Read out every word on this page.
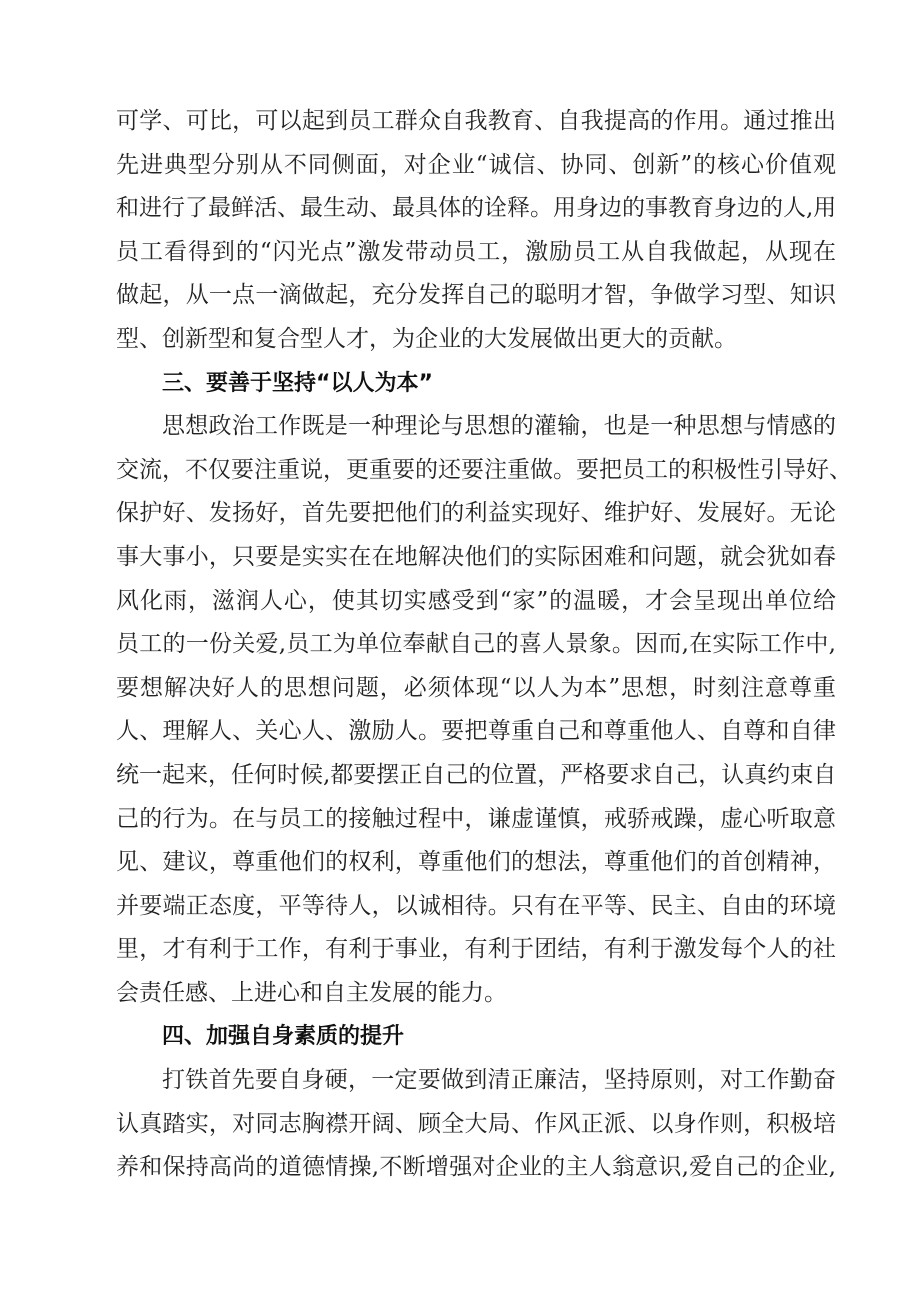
可学、可比，可以起到员工群众自我教育、自我提高的作用。通过推出
先进典型分别从不同侧面，对企业“诚信、协同、创新”的核心价值观
和进行了最鲜活、最生动、最具体的诠释。用身边的事教育身边的人,用
员工看得到的“闪光点”激发带动员工，激励员工从自我做起，从现在
做起，从一点一滴做起，充分发挥自己的聪明才智，争做学习型、知识
型、创新型和复合型人才，为企业的大发展做出更大的贡献。
三、要善于坚持“以人为本”
思想政治工作既是一种理论与思想的灌输，也是一种思想与情感的
交流，不仅要注重说，更重要的还要注重做。要把员工的积极性引导好、
保护好、发扬好，首先要把他们的利益实现好、维护好、发展好。无论
事大事小，只要是实实在在地解决他们的实际困难和问题，就会犹如春
风化雨，滋润人心，使其切实感受到“家”的温暖，才会呈现出单位给
员工的一份关爱,员工为单位奉献自己的喜人景象。因而,在实际工作中,
要想解决好人的思想问题，必须体现“以人为本”思想，时刻注意尊重
人、理解人、关心人、激励人。要把尊重自己和尊重他人、自尊和自律
统一起来，任何时候,都要摆正自己的位置，严格要求自己，认真约束自
己的行为。在与员工的接触过程中，谦虚谨慎，戒骄戒躁，虚心听取意
见、建议，尊重他们的权利，尊重他们的想法，尊重他们的首创精神，
并要端正态度，平等待人，以诚相待。只有在平等、民主、自由的环境
里，才有利于工作，有利于事业，有利于团结，有利于激发每个人的社
会责任感、上进心和自主发展的能力。
四、加强自身素质的提升
打铁首先要自身硬，一定要做到清正廉洁，坚持原则，对工作勤奋
认真踏实，对同志胸襟开阔、顾全大局、作风正派、以身作则，积极培
养和保持高尚的道德情操,不断增强对企业的主人翁意识,爱自己的企业,
